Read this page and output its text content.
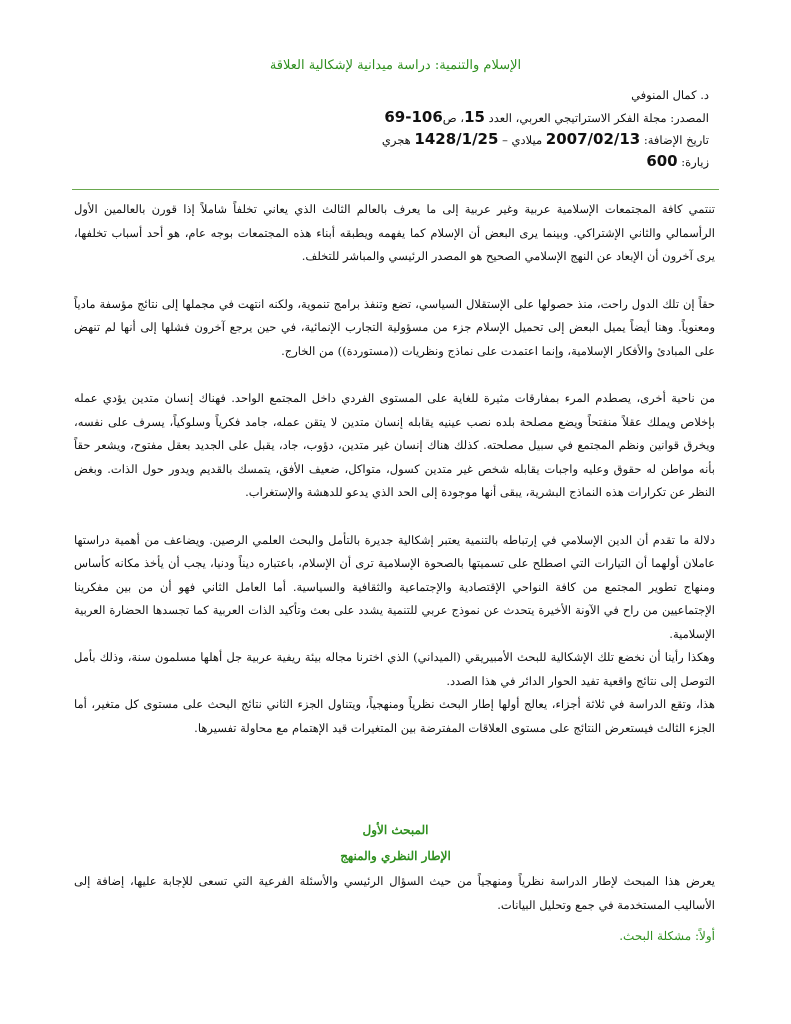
الإسلام والتنمية: دراسة ميدانية لإشكالية العلاقة
د. كمال المنوفي
المصدر: مجلة الفكر الاستراتيجي العربي، العدد 15، ص69-106
تاريخ الإضافة: 2007/02/13 ميلادي – 1428/1/25 هجري
زيارة: 600

تنتمي كافة المجتمعات الإسلامية عربية وغير عربية إلى ما يعرف بالعالم الثالث الذي يعاني تخلفاً شاملاً إذا قورن بالعالمين الأول الرأسمالي والثاني الإشتراكي. وبينما يرى البعض أن الإسلام كما يفهمه ويطبقه أبناء هذه المجتمعات بوجه عام، هو أحد أسباب تخلفها، يرى آخرون أن الإبعاد عن النهج الإسلامي الصحيح هو المصدر الرئيسي والمباشر للتخلف.

حقاً إن تلك الدول راحت، منذ حصولها على الإستقلال السياسي، تضع وتنفذ برامج تنموية، ولكنه انتهت في مجملها إلى نتائج مؤسفة مادياً ومعنوياً. وهنا أيضاً يميل البعض إلى تحميل الإسلام جزء من مسؤولية التجارب الإنمائية، في حين يرجع آخرون فشلها إلى أنها لم تنهض على المبادئ والأفكار الإسلامية، وإنما اعتمدت على نماذج ونظريات ((مستوردة)) من الخارج.

من ناحية أخرى، يصطدم المرء بمفارقات مثيرة للغاية على المستوى الفردي داخل المجتمع الواحد. فهناك إنسان متدين يؤدي عمله بإخلاص ويملك عقلاً منفتحاً ويضع مصلحة بلده نصب عينيه يقابله إنسان متدين لا يتقن عمله، جامد فكرياً وسلوكياً، يسرف على نفسه، ويخرق قوانين ونظم المجتمع في سبيل مصلحته. كذلك هناك إنسان غير متدين، دؤوب، جاد، يقبل على الجديد بعقل مفتوح، ويشعر حقاً بأنه مواطن له حقوق وعليه واجبات يقابله شخص غير متدين كسول، متواكل، ضعيف الأفق، يتمسك بالقديم ويدور حول الذات. وبغض النظر عن تكرارات هذه النماذج البشرية، يبقى أنها موجودة إلى الحد الذي يدعو للدهشة والإستغراب.

دلالة ما تقدم أن الدين الإسلامي في إرتباطه بالتنمية يعتبر إشكالية جديرة بالتأمل والبحث العلمي الرصين. ويضاعف من أهمية دراستها عاملان أولهما أن التيارات التي اصطلح على تسميتها بالصحوة الإسلامية ترى أن الإسلام، باعتباره ديناً ودنيا، يجب أن يأخذ مكانه كأساس ومنهاج تطوير المجتمع من كافة النواحي الإقتصادية والإجتماعية والثقافية والسياسية. أما العامل الثاني فهو أن من بين مفكرينا الإجتماعيين من راح في الآونة الأخيرة يتحدث عن نموذج عربي للتنمية يشدد على بعث وتأكيد الذات العربية كما تجسدها الحضارة العربية الإسلامية.

وهكذا رأينا أن نخضع تلك الإشكالية للبحث الأمبيريقي (الميداني) الذي اخترنا مجاله بيئة ريفية عربية جل أهلها مسلمون سنة، وذلك بأمل التوصل إلى نتائج واقعية تفيد الحوار الدائر في هذا الصدد.

هذا، وتقع الدراسة في ثلاثة أجزاء، يعالج أولها إطار البحث نظرياً ومنهجياً، ويتناول الجزء الثاني نتائج البحث على مستوى كل متغير، أما الجزء الثالث فيستعرض النتائج على مستوى العلاقات المفترضة بين المتغيرات قيد الإهتمام مع محاولة تفسيرها.

المبحث الأول
الإطار النظري والمنهج
يعرض هذا المبحث لإطار الدراسة نظرياً ومنهجياً من حيث السؤال الرئيسي والأسئلة الفرعية التي تسعى للإجابة عليها، إضافة إلى الأساليب المستخدمة في جمع وتحليل البيانات.
أولاً: مشكلة البحث.
